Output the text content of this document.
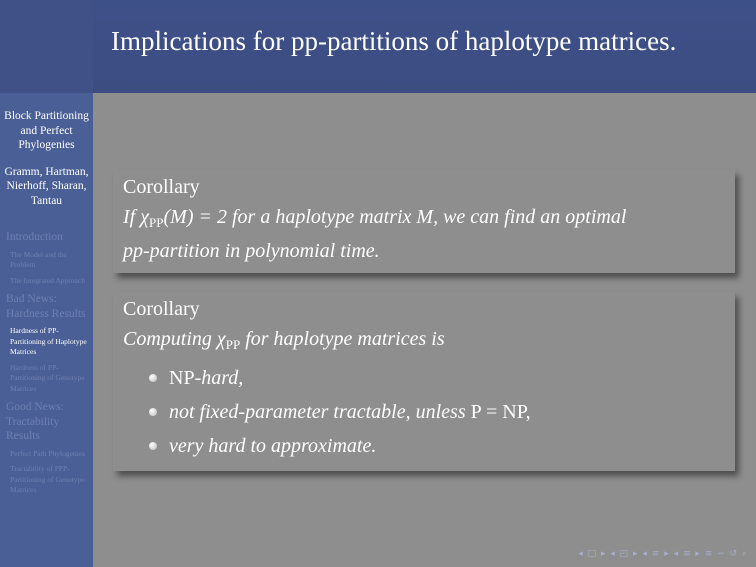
Implications for pp-partitions of haplotype matrices.
Block Partitioning and Perfect Phylogenies
Gramm, Hartman, Nierhoff, Sharan, Tantau
Introduction
The Model and the Problem
The Integrated Approach
Bad News: Hardness Results
Hardness of PP-Partitioning of Haplotype Matrices
Hardness of PP-Partitioning of Genotype Matrices
Good News: Tractability Results
Perfect Path Phylogenies
Tractability of PPP-Partitioning of Genotype Matrices
Corollary
If $\chi_{PP}(M) = 2$ for a haplotype matrix M, we can find an optimal
pp-partition in polynomial time.
Corollary
Computing $\chi_{PP}$ for haplotype matrices is
NP-hard,
not fixed-parameter tractable, unless P = NP,
very hard to approximate.
◂ □ ▸ ◂ ◰ ▸ ◂ ≡ ▸ ◂ ≡ ▸ ≡ ∽ ↺ ⌕
